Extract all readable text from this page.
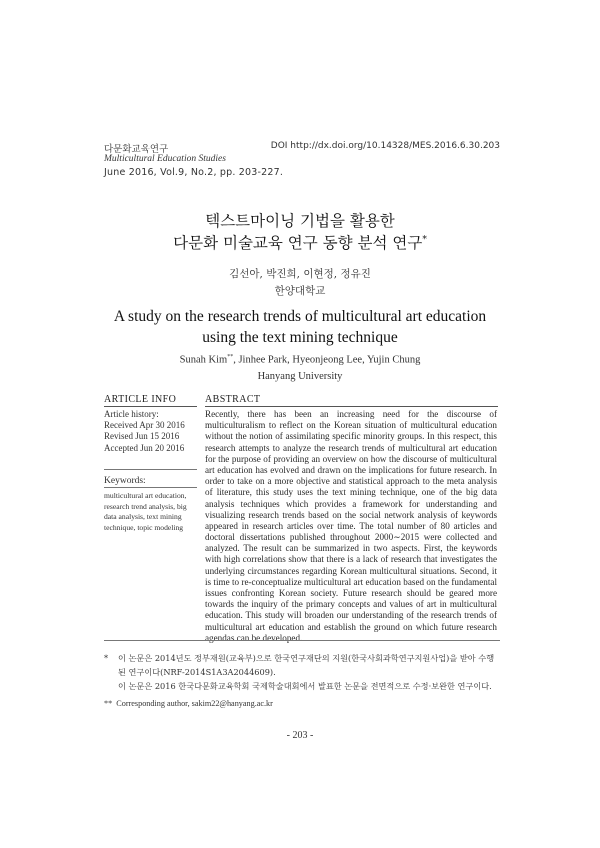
다문화교육연구
Multicultural Education Studies
June 2016, Vol.9, No.2, pp. 203-227.
DOI http://dx.doi.org/10.14328/MES.2016.6.30.203
텍스트마이닝 기법을 활용한
다문화 미술교육 연구 동향 분석 연구*
김선아, 박진희, 이현정, 정유진
한양대학교
A study on the research trends of multicultural art education
using the text mining technique
Sunah Kim**, Jinhee Park, Hyeonjeong Lee, Yujin Chung
Hanyang University
ARTICLE INFO	ABSTRACT
Article history:
Received Apr 30 2016
Revised Jun 15 2016
Accepted Jun 20 2016
Keywords:
multicultural art education, research trend analysis, big data analysis, text mining technique, topic modeling
Recently, there has been an increasing need for the discourse of multiculturalism to reflect on the Korean situation of multicultural education without the notion of assimilating specific minority groups. In this respect, this research attempts to analyze the research trends of multicultural art education for the purpose of providing an overview on how the discourse of multicultural art education has evolved and drawn on the implications for future research. In order to take on a more objective and statistical approach to the meta analysis of literature, this study uses the text mining technique, one of the big data analysis techniques which provides a framework for understanding and visualizing research trends based on the social network analysis of keywords appeared in research articles over time. The total number of 80 articles and doctoral dissertations published throughout 2000∼2015 were collected and analyzed. The result can be summarized in two aspects. First, the keywords with high correlations show that there is a lack of research that investigates the underlying circumstances regarding Korean multicultural situations. Second, it is time to re-conceptualize multicultural art education based on the fundamental issues confronting Korean society. Future research should be geared more towards the inquiry of the primary concepts and values of art in multicultural education. This study will broaden our understanding of the research trends of multicultural art education and establish the ground on which future research agendas can be developed.
* 이 논문은 2014년도 정부재원(교육부)으로 한국연구재단의 지원(한국사회과학연구지원사업)을 받아 수행된 연구이다(NRF-2014S1A3A2044609).
이 논문은 2016 한국다문화교육학회 국제학술대회에서 발표한 논문을 전면적으로 수정·보완한 연구이다.
** Corresponding author, sakim22@hanyang.ac.kr
- 203 -
